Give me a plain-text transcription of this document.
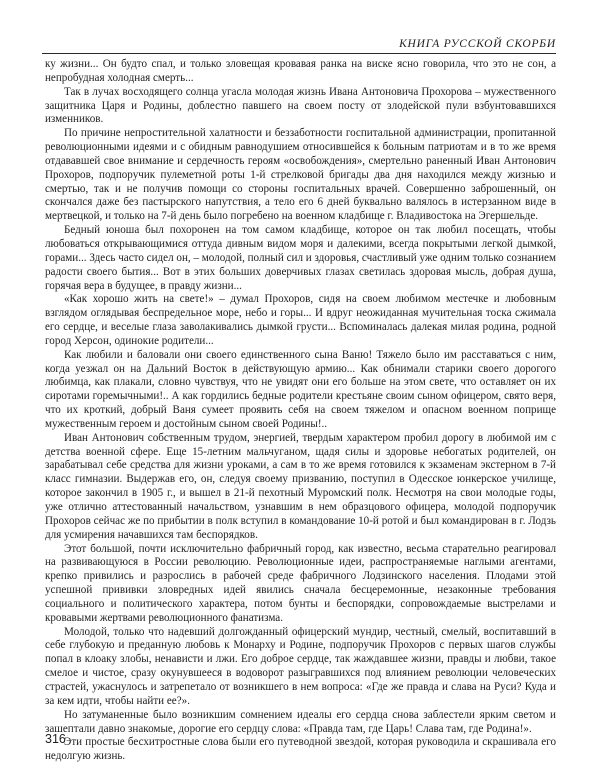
КНИГА РУССКОЙ СКОРБИ

ку жизни... Он будто спал, и только зловещая кровавая ранка на виске ясно говорила, что это не сон, а непробудная холодная смерть...

Так в лучах восходящего солнца угасла молодая жизнь Ивана Антоновича Прохорова – мужественного защитника Царя и Родины, доблестно павшего на своем посту от злодейской пули взбунтовавшихся изменников.

По причине непростительной халатности и беззаботности госпитальной администрации, пропитанной революционными идеями и с обидным равнодушием относившейся к больным патриотам и в то же время отдававшей свое внимание и сердечность героям «освобождения», смертельно раненный Иван Антонович Прохоров, подпоручик пулеметной роты 1-й стрелковой бригады два дня находился между жизнью и смертью, так и не получив помощи со стороны госпитальных врачей. Совершенно заброшенный, он скончался даже без пастырского напутствия, а тело его 6 дней буквально валялось в истерзанном виде в мертвецкой, и только на 7-й день было погребено на военном кладбище г. Владивостока на Эгершельде.

Бедный юноша был похоронен на том самом кладбище, которое он так любил посещать, чтобы любоваться открывающимися оттуда дивным видом моря и далекими, всегда покрытыми легкой дымкой, горами... Здесь часто сидел он, – молодой, полный сил и здоровья, счастливый уже одним только сознанием радости своего бытия... Вот в этих больших доверчивых глазах светилась здоровая мысль, добрая душа, горячая вера в будущее, в правду жизни...

«Как хорошо жить на свете!» – думал Прохоров, сидя на своем любимом местечке и любовным взглядом оглядывая беспредельное море, небо и горы... И вдруг неожиданная мучительная тоска сжимала его сердце, и веселые глаза заволакивались дымкой грусти... Вспоминалась далекая милая родина, родной город Херсон, одинокие родители...

Как любили и баловали они своего единственного сына Ваню! Тяжело было им расставаться с ним, когда уезжал он на Дальний Восток в действующую армию... Как обнимали старики своего дорогого любимца, как плакали, словно чувствуя, что не увидят они его больше на этом свете, что оставляет он их сиротами горемычными!.. А как гордились бедные родители крестьяне своим сыном офицером, свято веря, что их кроткий, добрый Ваня сумеет проявить себя на своем тяжелом и опасном военном поприще мужественным героем и достойным сыном своей Родины!..

Иван Антонович собственным трудом, энергией, твердым характером пробил дорогу в любимой им с детства военной сфере. Еще 15-летним мальчуганом, щадя силы и здоровье небогатых родителей, он зарабатывал себе средства для жизни уроками, а сам в то же время готовился к экзаменам экстерном в 7-й класс гимназии. Выдержав его, он, следуя своему призванию, поступил в Одесское юнкерское училище, которое закончил в 1905 г., и вышел в 21-й пехотный Муромский полк. Несмотря на свои молодые годы, уже отлично аттестованный начальством, узнавшим в нем образцового офицера, молодой подпоручик Прохоров сейчас же по прибытии в полк вступил в командование 10-й ротой и был командирован в г. Лодзь для усмирения начавшихся там беспорядков.

Этот большой, почти исключительно фабричный город, как известно, весьма старательно реагировал на развивающуюся в России революцию. Революционные идеи, распространяемые наглыми агентами, крепко привились и разрослись в рабочей среде фабричного Лодзинского населения. Плодами этой успешной прививки зловредных идей явились сначала бесцеремонные, незаконные требования социального и политического характера, потом бунты и беспорядки, сопровождаемые выстрелами и кровавыми жертвами революционного фанатизма.

Молодой, только что надевший долгожданный офицерский мундир, честный, смелый, воспитавший в себе глубокую и преданную любовь к Монарху и Родине, подпоручик Прохоров с первых шагов службы попал в клоаку злобы, ненависти и лжи. Его доброе сердце, так жаждавшее жизни, правды и любви, такое смелое и чистое, сразу окунувшееся в водоворот разыгравшихся под влиянием революции человеческих страстей, ужаснулось и затрепетало от возникшего в нем вопроса: «Где же правда и слава на Руси? Куда и за кем идти, чтобы найти ее?».

Но затуманенные было возникшим сомнением идеалы его сердца снова заблестели ярким светом и зашептали давно знакомые, дорогие его сердцу слова: «Правда там, где Царь! Слава там, где Родина!».

Эти простые бесхитростные слова были его путеводной звездой, которая руководила и скрашивала его недолгую жизнь.

316
